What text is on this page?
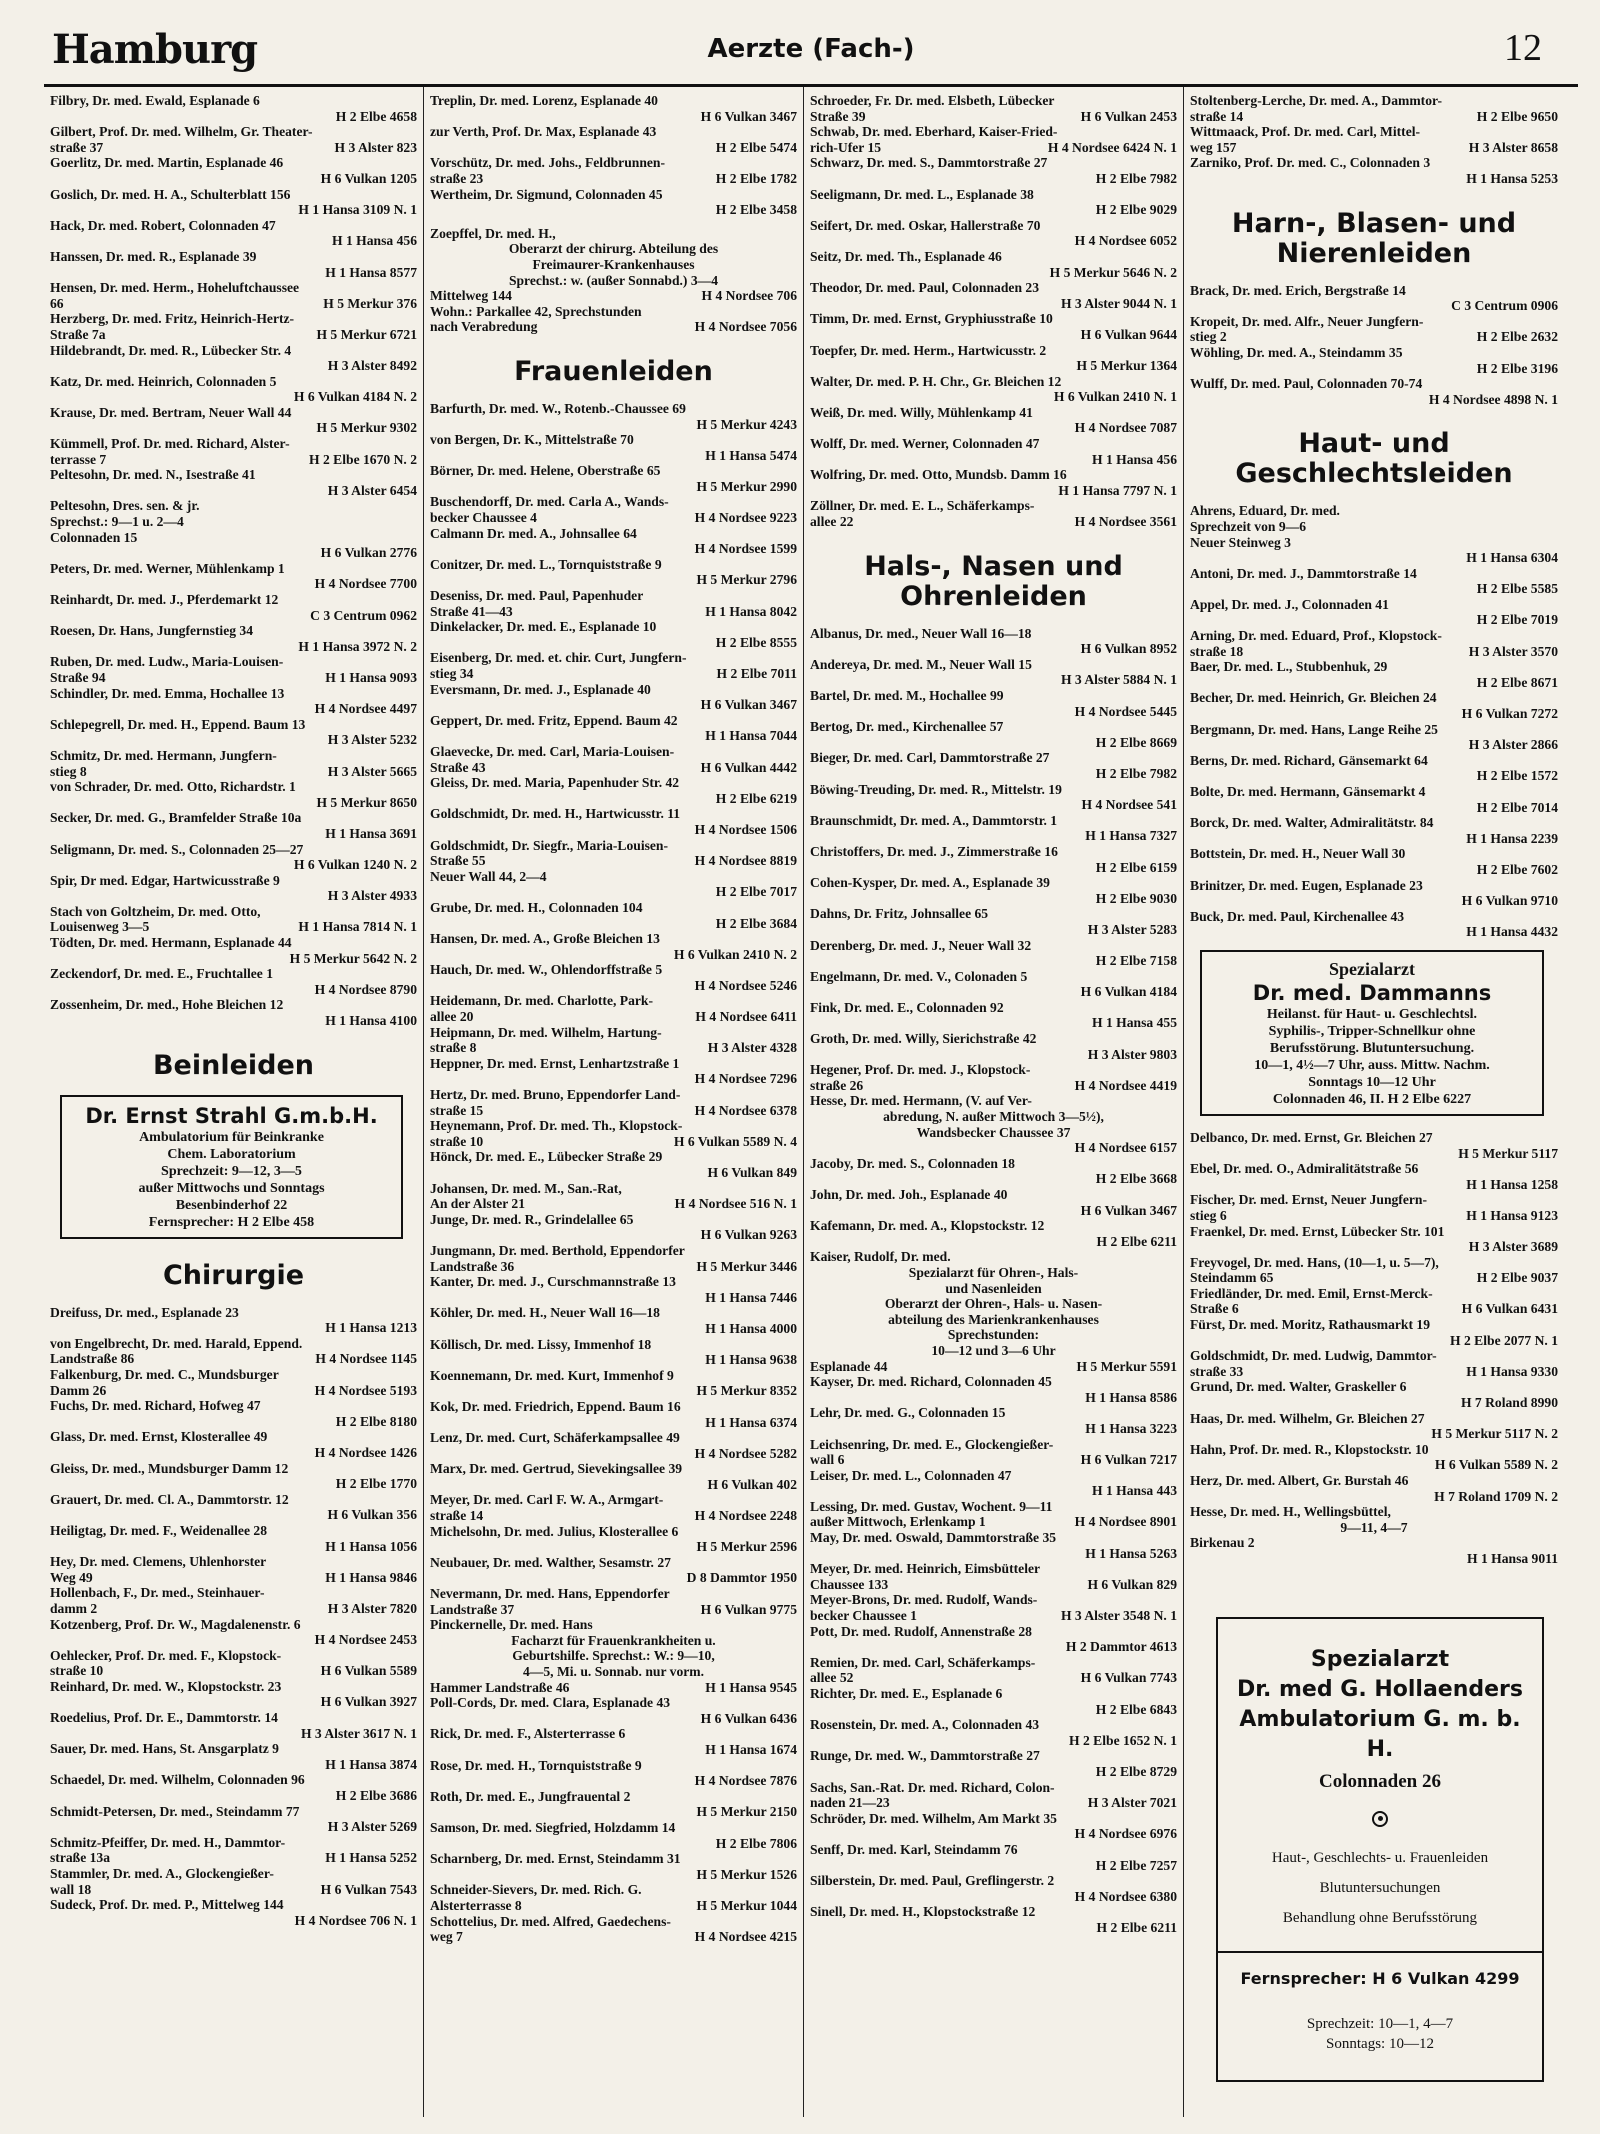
Hamburg	Aerzte (Fach-)	12
Filbry, Dr. med. Ewald, Esplanade 6
H 2 Elbe 4658
Gilbert, Prof. Dr. med. Wilhelm, Gr. Theater-
straße 37	H 3 Alster 823
Goerlitz, Dr. med. Martin, Esplanade 46
H 6 Vulkan 1205
Goslich, Dr. med. H. A., Schulterblatt 156
H 1 Hansa 3109 N. 1
Hack, Dr. med. Robert, Colonnaden 47
H 1 Hansa 456
Hanssen, Dr. med. R., Esplanade 39
H 1 Hansa 8577
Hensen, Dr. med. Herm., Hoheluftchaussee
66	H 5 Merkur 376
Herzberg, Dr. med. Fritz, Heinrich-Hertz-
Straße 7a	H 5 Merkur 6721
Hildebrandt, Dr. med. R., Lübecker Str. 4
H 3 Alster 8492
Katz, Dr. med. Heinrich, Colonnaden 5
H 6 Vulkan 4184 N. 2
Krause, Dr. med. Bertram, Neuer Wall 44
H 5 Merkur 9302
Kümmell, Prof. Dr. med. Richard, Alster-
terrasse 7	H 2 Elbe 1670 N. 2
Peltesohn, Dr. med. N., Isestraße 41
H 3 Alster 6454
Peltesohn, Dres. sen. & jr.
Sprechst.: 9—1 u. 2—4
Colonnaden 15
H 6 Vulkan 2776
Peters, Dr. med. Werner, Mühlenkamp 1
H 4 Nordsee 7700
Reinhardt, Dr. med. J., Pferdemarkt 12
C 3 Centrum 0962
Roesen, Dr. Hans, Jungfernstieg 34
H 1 Hansa 3972 N. 2
Ruben, Dr. med. Ludw., Maria-Louisen-
Straße 94	H 1 Hansa 9093
Schindler, Dr. med. Emma, Hochallee 13
H 4 Nordsee 4497
Schlepegrell, Dr. med. H., Eppend. Baum 13
H 3 Alster 5232
Schmitz, Dr. med. Hermann, Jungfern-
stieg 8	H 3 Alster 5665
von Schrader, Dr. med. Otto, Richardstr. 1
H 5 Merkur 8650
Secker, Dr. med. G., Bramfelder Straße 10a
H 1 Hansa 3691
Seligmann, Dr. med. S., Colonnaden 25—27
H 6 Vulkan 1240 N. 2
Spir, Dr med. Edgar, Hartwicusstraße 9
H 3 Alster 4933
Stach von Goltzheim, Dr. med. Otto,
Louisenweg 3—5	H 1 Hansa 7814 N. 1
Tödten, Dr. med. Hermann, Esplanade 44
H 5 Merkur 5642 N. 2
Zeckendorf, Dr. med. E., Fruchtallee 1
H 4 Nordsee 8790
Zossenheim, Dr. med., Hohe Bleichen 12
H 1 Hansa 4100
Beinleiden
Dr. Ernst Strahl G.m.b.H.
Ambulatorium für Beinkranke
Chem. Laboratorium
Sprechzeit: 9—12, 3—5
außer Mittwochs und Sonntags
Besenbinderhof 22
Fernsprecher: H 2 Elbe 458
Chirurgie
Dreifuss, Dr. med., Esplanade 23
H 1 Hansa 1213
von Engelbrecht, Dr. med. Harald, Eppend.
Landstraße 86	H 4 Nordsee 1145
Falkenburg, Dr. med. C., Mundsburger
Damm 26	H 4 Nordsee 5193
Fuchs, Dr. med. Richard, Hofweg 47
H 2 Elbe 8180
Glass, Dr. med. Ernst, Klosterallee 49
H 4 Nordsee 1426
Gleiss, Dr. med., Mundsburger Damm 12
H 2 Elbe 1770
Grauert, Dr. med. Cl. A., Dammtorstr. 12
H 6 Vulkan 356
Heiligtag, Dr. med. F., Weidenallee 28
H 1 Hansa 1056
Hey, Dr. med. Clemens, Uhlenhorster
Weg 49	H 1 Hansa 9846
Hollenbach, F., Dr. med., Steinhauer-
damm 2	H 3 Alster 7820
Kotzenberg, Prof. Dr. W., Magdalenenstr. 6
H 4 Nordsee 2453
Oehlecker, Prof. Dr. med. F., Klopstock-
straße 10	H 6 Vulkan 5589
Reinhard, Dr. med. W., Klopstockstr. 23
H 6 Vulkan 3927
Roedelius, Prof. Dr. E., Dammtorstr. 14
H 3 Alster 3617 N. 1
Sauer, Dr. med. Hans, St. Ansgarplatz 9
H 1 Hansa 3874
Schaedel, Dr. med. Wilhelm, Colonnaden 96
H 2 Elbe 3686
Schmidt-Petersen, Dr. med., Steindamm 77
H 3 Alster 5269
Schmitz-Pfeiffer, Dr. med. H., Dammtor-
straße 13a	H 1 Hansa 5252
Stammler, Dr. med. A., Glockengießer-
wall 18	H 6 Vulkan 7543
Sudeck, Prof. Dr. med. P., Mittelweg 144
H 4 Nordsee 706 N. 1
Treplin, Dr. med. Lorenz, Esplanade 40
H 6 Vulkan 3467
zur Verth, Prof. Dr. Max, Esplanade 43
H 2 Elbe 5474
Vorschütz, Dr. med. Johs., Feldbrunnen-
straße 23	H 2 Elbe 1782
Wertheim, Dr. Sigmund, Colonnaden 45
H 2 Elbe 3458
Zoepffel, Dr. med. H.,
Oberarzt der chirurg. Abteilung des
Freimaurer-Krankenhauses
Sprechst.: w. (außer Sonnabd.) 3—4
Mittelweg 144	H 4 Nordsee 706
Wohn.: Parkallee 42, Sprechstunden
nach Verabredung	H 4 Nordsee 7056
Frauenleiden
Barfurth, Dr. med. W., Rotenb.-Chaussee 69
H 5 Merkur 4243
von Bergen, Dr. K., Mittelstraße 70
H 1 Hansa 5474
Börner, Dr. med. Helene, Oberstraße 65
H 5 Merkur 2990
Buschendorff, Dr. med. Carla A., Wands-
becker Chaussee 4	H 4 Nordsee 9223
Calmann Dr. med. A., Johnsallee 64
H 4 Nordsee 1599
Conitzer, Dr. med. L., Tornquiststraße 9
H 5 Merkur 2796
Deseniss, Dr. med. Paul, Papenhuder
Straße 41—43	H 1 Hansa 8042
Dinkelacker, Dr. med. E., Esplanade 10
H 2 Elbe 8555
Eisenberg, Dr. med. et. chir. Curt, Jungfern-
stieg 34	H 2 Elbe 7011
Eversmann, Dr. med. J., Esplanade 40
H 6 Vulkan 3467
Geppert, Dr. med. Fritz, Eppend. Baum 42
H 1 Hansa 7044
Glaevecke, Dr. med. Carl, Maria-Louisen-
Straße 43	H 6 Vulkan 4442
Gleiss, Dr. med. Maria, Papenhuder Str. 42
H 2 Elbe 6219
Goldschmidt, Dr. med. H., Hartwicusstr. 11
H 4 Nordsee 1506
Goldschmidt, Dr. Siegfr., Maria-Louisen-
Straße 55	H 4 Nordsee 8819
Neuer Wall 44, 2—4
H 2 Elbe 7017
Grube, Dr. med. H., Colonnaden 104
H 2 Elbe 3684
Hansen, Dr. med. A., Große Bleichen 13
H 6 Vulkan 2410 N. 2
Hauch, Dr. med. W., Ohlendorffstraße 5
H 4 Nordsee 5246
Heidemann, Dr. med. Charlotte, Park-
allee 20	H 4 Nordsee 6411
Heipmann, Dr. med. Wilhelm, Hartung-
straße 8	H 3 Alster 4328
Heppner, Dr. med. Ernst, Lenhartzstraße 1
H 4 Nordsee 7296
Hertz, Dr. med. Bruno, Eppendorfer Land-
straße 15	H 4 Nordsee 6378
Heynemann, Prof. Dr. med. Th., Klopstock-
straße 10	H 6 Vulkan 5589 N. 4
Hönck, Dr. med. E., Lübecker Straße 29
H 6 Vulkan 849
Johansen, Dr. med. M., San.-Rat,
An der Alster 21	H 4 Nordsee 516 N. 1
Junge, Dr. med. R., Grindelallee 65
H 6 Vulkan 9263
Jungmann, Dr. med. Berthold, Eppendorfer
Landstraße 36	H 5 Merkur 3446
Kanter, Dr. med. J., Curschmannstraße 13
H 1 Hansa 7446
Köhler, Dr. med. H., Neuer Wall 16—18
H 1 Hansa 4000
Köllisch, Dr. med. Lissy, Immenhof 18
H 1 Hansa 9638
Koennemann, Dr. med. Kurt, Immenhof 9
H 5 Merkur 8352
Kok, Dr. med. Friedrich, Eppend. Baum 16
H 1 Hansa 6374
Lenz, Dr. med. Curt, Schäferkampsallee 49
H 4 Nordsee 5282
Marx, Dr. med. Gertrud, Sievekingsallee 39
H 6 Vulkan 402
Meyer, Dr. med. Carl F. W. A., Armgart-
straße 14	H 4 Nordsee 2248
Michelsohn, Dr. med. Julius, Klosterallee 6
H 5 Merkur 2596
Neubauer, Dr. med. Walther, Sesamstr. 27
D 8 Dammtor 1950
Nevermann, Dr. med. Hans, Eppendorfer
Landstraße 37	H 6 Vulkan 9775
Pinckernelle, Dr. med. Hans
Facharzt für Frauenkrankheiten u.
Geburtshilfe. Sprechst.: W.: 9—10,
4—5, Mi. u. Sonnab. nur vorm.
Hammer Landstraße 46	H 1 Hansa 9545
Poll-Cords, Dr. med. Clara, Esplanade 43
H 6 Vulkan 6436
Rick, Dr. med. F., Alsterterrasse 6
H 1 Hansa 1674
Rose, Dr. med. H., Tornquiststraße 9
H 4 Nordsee 7876
Roth, Dr. med. E., Jungfrauental 2
H 5 Merkur 2150
Samson, Dr. med. Siegfried, Holzdamm 14
H 2 Elbe 7806
Scharnberg, Dr. med. Ernst, Steindamm 31
H 5 Merkur 1526
Schneider-Sievers, Dr. med. Rich. G.
Alsterterrasse 8	H 5 Merkur 1044
Schottelius, Dr. med. Alfred, Gaedechens-
weg 7	H 4 Nordsee 4215
Schroeder, Fr. Dr. med. Elsbeth, Lübecker
Straße 39	H 6 Vulkan 2453
Schwab, Dr. med. Eberhard, Kaiser-Fried-
rich-Ufer 15	H 4 Nordsee 6424 N. 1
Schwarz, Dr. med. S., Dammtorstraße 27
H 2 Elbe 7982
Seeligmann, Dr. med. L., Esplanade 38
H 2 Elbe 9029
Seifert, Dr. med. Oskar, Hallerstraße 70
H 4 Nordsee 6052
Seitz, Dr. med. Th., Esplanade 46
H 5 Merkur 5646 N. 2
Theodor, Dr. med. Paul, Colonnaden 23
H 3 Alster 9044 N. 1
Timm, Dr. med. Ernst, Gryphiusstraße 10
H 6 Vulkan 9644
Toepfer, Dr. med. Herm., Hartwicusstr. 2
H 5 Merkur 1364
Walter, Dr. med. P. H. Chr., Gr. Bleichen 12
H 6 Vulkan 2410 N. 1
Weiß, Dr. med. Willy, Mühlenkamp 41
H 4 Nordsee 7087
Wolff, Dr. med. Werner, Colonnaden 47
H 1 Hansa 456
Wolfring, Dr. med. Otto, Mundsb. Damm 16
H 1 Hansa 7797 N. 1
Zöllner, Dr. med. E. L., Schäferkamps-
allee 22	H 4 Nordsee 3561
Hals-, Nasen und Ohrenleiden
Albanus, Dr. med., Neuer Wall 16—18
H 6 Vulkan 8952
Andereya, Dr. med. M., Neuer Wall 15
H 3 Alster 5884 N. 1
Bartel, Dr. med. M., Hochallee 99
H 4 Nordsee 5445
Bertog, Dr. med., Kirchenallee 57
H 2 Elbe 8669
Bieger, Dr. med. Carl, Dammtorstraße 27
H 2 Elbe 7982
Böwing-Treuding, Dr. med. R., Mittelstr. 19
H 4 Nordsee 541
Braunschmidt, Dr. med. A., Dammtorstr. 1
H 1 Hansa 7327
Christoffers, Dr. med. J., Zimmerstraße 16
H 2 Elbe 6159
Cohen-Kysper, Dr. med. A., Esplanade 39
H 2 Elbe 9030
Dahns, Dr. Fritz, Johnsallee 65
H 3 Alster 5283
Derenberg, Dr. med. J., Neuer Wall 32
H 2 Elbe 7158
Engelmann, Dr. med. V., Colonaden 5
H 6 Vulkan 4184
Fink, Dr. med. E., Colonnaden 92
H 1 Hansa 455
Groth, Dr. med. Willy, Sierichstraße 42
H 3 Alster 9803
Hegener, Prof. Dr. med. J., Klopstock-
straße 26	H 4 Nordsee 4419
Hesse, Dr. med. Hermann, (V. auf Ver-
abredung, N. außer Mittwoch 3—5½),
Wandsbecker Chaussee 37
H 4 Nordsee 6157
Jacoby, Dr. med. S., Colonnaden 18
H 2 Elbe 3668
John, Dr. med. Joh., Esplanade 40
H 6 Vulkan 3467
Kafemann, Dr. med. A., Klopstockstr. 12
H 2 Elbe 6211
Kaiser, Rudolf, Dr. med.
Spezialarzt für Ohren-, Hals-
und Nasenleiden
Oberarzt der Ohren-, Hals- u. Nasen-
abteilung des Marienkrankenhauses
Sprechstunden:
10—12 und 3—6 Uhr
Esplanade 44	H 5 Merkur 5591
Kayser, Dr. med. Richard, Colonnaden 45
H 1 Hansa 8586
Lehr, Dr. med. G., Colonnaden 15
H 1 Hansa 3223
Leichsenring, Dr. med. E., Glockengießer-
wall 6	H 6 Vulkan 7217
Leiser, Dr. med. L., Colonnaden 47
H 1 Hansa 443
Lessing, Dr. med. Gustav, Wochent. 9—11
außer Mittwoch, Erlenkamp 1	H 4 Nordsee 8901
May, Dr. med. Oswald, Dammtorstraße 35
H 1 Hansa 5263
Meyer, Dr. med. Heinrich, Eimsbütteler
Chaussee 133	H 6 Vulkan 829
Meyer-Brons, Dr. med. Rudolf, Wands-
becker Chaussee 1	H 3 Alster 3548 N. 1
Pott, Dr. med. Rudolf, Annenstraße 28
H 2 Dammtor 4613
Remien, Dr. med. Carl, Schäferkamps-
allee 52	H 6 Vulkan 7743
Richter, Dr. med. E., Esplanade 6
H 2 Elbe 6843
Rosenstein, Dr. med. A., Colonnaden 43
H 2 Elbe 1652 N. 1
Runge, Dr. med. W., Dammtorstraße 27
H 2 Elbe 8729
Sachs, San.-Rat. Dr. med. Richard, Colon-
naden 21—23	H 3 Alster 7021
Schröder, Dr. med. Wilhelm, Am Markt 35
H 4 Nordsee 6976
Senff, Dr. med. Karl, Steindamm 76
H 2 Elbe 7257
Silberstein, Dr. med. Paul, Greflingerstr. 2
H 4 Nordsee 6380
Sinell, Dr. med. H., Klopstockstraße 12
H 2 Elbe 6211
Stoltenberg-Lerche, Dr. med. A., Dammtor-
straße 14	H 2 Elbe 9650
Wittmaack, Prof. Dr. med. Carl, Mittel-
weg 157	H 3 Alster 8658
Zarniko, Prof. Dr. med. C., Colonnaden 3
H 1 Hansa 5253
Harn-, Blasen- und Nierenleiden
Brack, Dr. med. Erich, Bergstraße 14
C 3 Centrum 0906
Kropeit, Dr. med. Alfr., Neuer Jungfern-
stieg 2	H 2 Elbe 2632
Wöhling, Dr. med. A., Steindamm 35
H 2 Elbe 3196
Wulff, Dr. med. Paul, Colonnaden 70-74
H 4 Nordsee 4898 N. 1
Haut- und Geschlechtsleiden
Ahrens, Eduard, Dr. med.
Sprechzeit von 9—6
Neuer Steinweg 3
H 1 Hansa 6304
Antoni, Dr. med. J., Dammtorstraße 14
H 2 Elbe 5585
Appel, Dr. med. J., Colonnaden 41
H 2 Elbe 7019
Arning, Dr. med. Eduard, Prof., Klopstock-
straße 18	H 3 Alster 3570
Baer, Dr. med. L., Stubbenhuk, 29
H 2 Elbe 8671
Becher, Dr. med. Heinrich, Gr. Bleichen 24
H 6 Vulkan 7272
Bergmann, Dr. med. Hans, Lange Reihe 25
H 3 Alster 2866
Berns, Dr. med. Richard, Gänsemarkt 64
H 2 Elbe 1572
Bolte, Dr. med. Hermann, Gänsemarkt 4
H 2 Elbe 7014
Borck, Dr. med. Walter, Admiralitätstr. 84
H 1 Hansa 2239
Bottstein, Dr. med. H., Neuer Wall 30
H 2 Elbe 7602
Brinitzer, Dr. med. Eugen, Esplanade 23
H 6 Vulkan 9710
Buck, Dr. med. Paul, Kirchenallee 43
H 1 Hansa 4432
Spezialarzt
Dr. med. Dammanns
Heilanst. für Haut- u. Geschlechtsl.
Syphilis-, Tripper-Schnellkur ohne
Berufsstörung. Blutuntersuchung.
10—1, 4½—7 Uhr, auss. Mittw. Nachm.
Sonntags 10—12 Uhr
Colonnaden 46, II. H 2 Elbe 6227
Delbanco, Dr. med. Ernst, Gr. Bleichen 27
H 5 Merkur 5117
Ebel, Dr. med. O., Admiralitätstraße 56
H 1 Hansa 1258
Fischer, Dr. med. Ernst, Neuer Jungfern-
stieg 6	H 1 Hansa 9123
Fraenkel, Dr. med. Ernst, Lübecker Str. 101
H 3 Alster 3689
Freyvogel, Dr. med. Hans, (10—1, u. 5—7),
Steindamm 65	H 2 Elbe 9037
Friedländer, Dr. med. Emil, Ernst-Merck-
Straße 6	H 6 Vulkan 6431
Fürst, Dr. med. Moritz, Rathausmarkt 19
H 2 Elbe 2077 N. 1
Goldschmidt, Dr. med. Ludwig, Dammtor-
straße 33	H 1 Hansa 9330
Grund, Dr. med. Walter, Graskeller 6
H 7 Roland 8990
Haas, Dr. med. Wilhelm, Gr. Bleichen 27
H 5 Merkur 5117 N. 2
Hahn, Prof. Dr. med. R., Klopstockstr. 10
H 6 Vulkan 5589 N. 2
Herz, Dr. med. Albert, Gr. Burstah 46
H 7 Roland 1709 N. 2
Hesse, Dr. med. H., Wellingsbüttel,
9—11, 4—7
Birkenau 2
H 1 Hansa 9011
Spezialarzt
Dr. med G. Hollaenders
Ambulatorium G. m. b. H.
Colonnaden 26
Haut-, Geschlechts- u. Frauenleiden
Blutuntersuchungen
Behandlung ohne Berufsstörung
Fernsprecher: H 6 Vulkan 4299
Sprechzeit: 10—1, 4—7
Sonntags: 10—12
